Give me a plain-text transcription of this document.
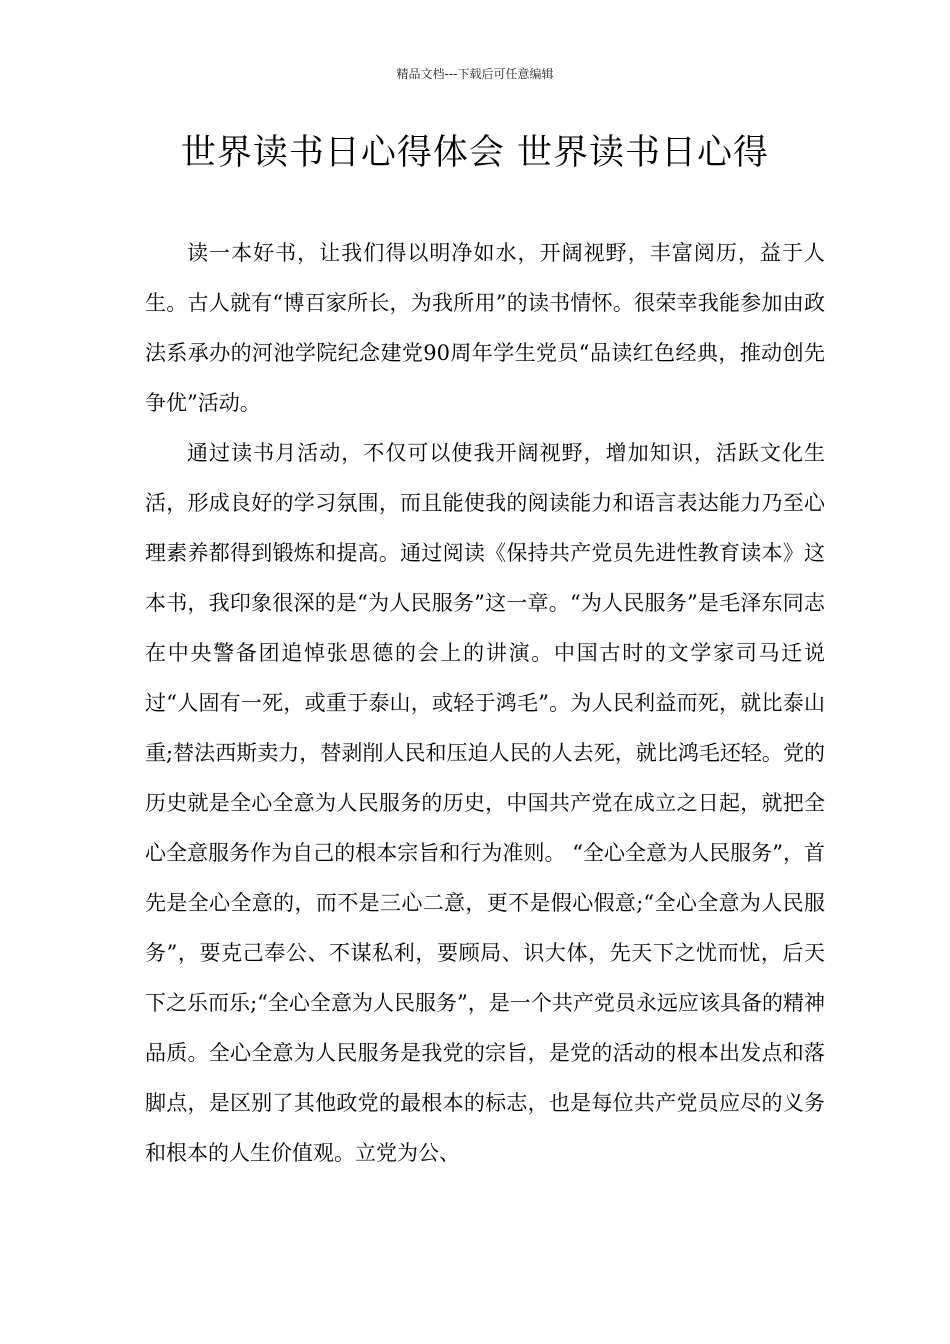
精品文档---下载后可任意编辑
世界读书日心得体会 世界读书日心得

读一本好书，让我们得以明净如水，开阔视野，丰富阅历，益于人生。古人就有“博百家所长，为我所用”的读书情怀。很荣幸我能参加由政法系承办的河池学院纪念建党90周年学生党员“品读红色经典，推动创先争优”活动。

通过读书月活动，不仅可以使我开阔视野，增加知识，活跃文化生活，形成良好的学习氛围，而且能使我的阅读能力和语言表达能力乃至心理素养都得到锻炼和提高。通过阅读《保持共产党员先进性教育读本》这本书，我印象很深的是“为人民服务”这一章。“为人民服务”是毛泽东同志在中央警备团追悼张思德的会上的讲演。中国古时的文学家司马迁说过“人固有一死，或重于泰山，或轻于鸿毛”。为人民利益而死，就比泰山重;替法西斯卖力，替剥削人民和压迫人民的人去死，就比鸿毛还轻。党的历史就是全心全意为人民服务的历史，中国共产党在成立之日起，就把全心全意服务作为自己的根本宗旨和行为准则。 “全心全意为人民服务”，首先是全心全意的，而不是三心二意，更不是假心假意;“全心全意为人民服务”，要克己奉公、不谋私利，要顾局、识大体，先天下之忧而忧，后天下之乐而乐;“全心全意为人民服务”，是一个共产党员永远应该具备的精神品质。全心全意为人民服务是我党的宗旨，是党的活动的根本出发点和落脚点，是区别了其他政党的最根本的标志，也是每位共产党员应尽的义务和根本的人生价值观。立党为公、
